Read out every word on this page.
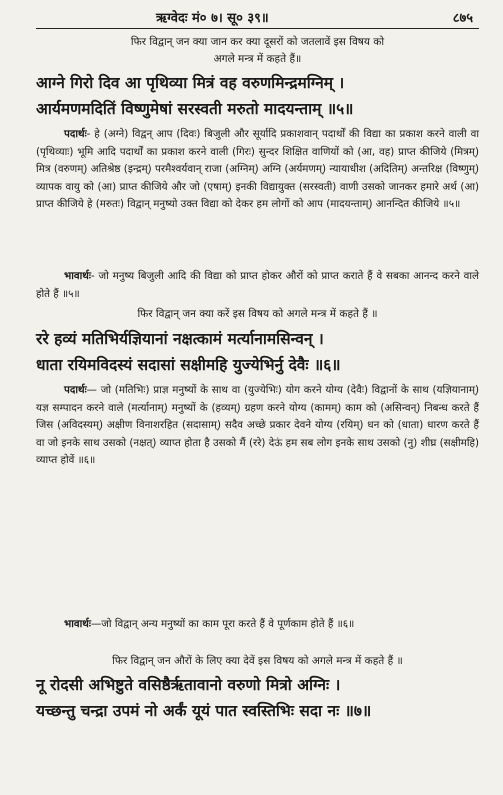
ऋग्वेदः मं० ७। सू० ३९॥	८७५
फिर विद्वान् जन क्या जान कर क्या दूसरों को जतलावें इस विषय को
अगले मन्त्र में कहते हैं॥
आग्ने गिरो दिव आ पृथिव्या मित्रं वह वरुणमिन्द्रमग्निम् ।
आर्यमणमदितिं विष्णुमेषां सरस्वती मरुतो मादयन्ताम् ॥५॥
पदार्थः- हे (अग्ने) विद्वन् आप (दिवः) बिजुली और सूर्यादि प्रकाशवान् पदार्थों की विद्या का प्रकाश करने वाली वा (पृथिव्याः) भूमि आदि पदार्थों का प्रकाश करने वाली (गिरः) सुन्दर शिक्षित वाणियों को (आ, वह) प्राप्त कीजिये (मित्रम्) मित्र (वरुणम्) अतिश्रेष्ठ (इन्द्रम्) परमैश्वर्यवान् राजा (अग्निम्) अग्नि (अर्यमणम्) न्यायाधीश (अदितिम्) अन्तरिक्ष (विष्णुम्) व्यापक वायु को (आ) प्राप्त कीजिये और जो (एषाम्) इनकी विद्यायुक्त (सरस्वती) वाणी उसको जानकर हमारे अर्थ (आ) प्राप्त कीजिये हे (मरुतः) विद्वान् मनुष्यो उक्त विद्या को देकर हम लोगों को आप (मादयन्ताम्) आनन्दित कीजिये ॥५॥
भावार्थः- जो मनुष्य बिजुली आदि की विद्या को प्राप्त होकर औरों को प्राप्त कराते हैं वे सबका आनन्द करने वाले होते हैं ॥५॥
फिर विद्वान् जन क्या करें इस विषय को अगले मन्त्र में कहते हैं ॥
ररे हव्यं मतिभिर्यज्ञियानां नक्षत्कामं मर्त्यानामसिन्वन् ।
धाता रयिमविदस्यं सदासां सक्षीमहि युज्येभिर्नु देवैः ॥६॥
पदार्थः— जो (मतिभिः) प्राज्ञ मनुष्यों के साथ वा (युज्येभिः) योग करने योग्य (देवैः) विद्वानों के साथ (यज्ञियानाम्) यज्ञ सम्पादन करने वाले (मर्त्यानाम्) मनुष्यों के (हव्यम्) ग्रहण करने योग्य (कामम्) काम को (असिन्वन्) निबन्ध करते हैं जिस (अविदस्यम्) अक्षीण विनाशरहित (सदासाम्) सदैव अच्छे प्रकार देवने योग्य (रयिम्) धन को (धाता) धारण करते हैं वा जो इनके साथ उसको (नक्षत्) व्याप्त होता है उसको मैं (ररे) देऊं हम सब लोग इनके साथ उसको (नु) शीघ्र (सक्षीमहि) व्याप्त होवें ॥६॥
भावार्थः—जो विद्वान् अन्य मनुष्यों का काम पूरा करते हैं वे पूर्णकाम होते हैं ॥६॥
फिर विद्वान् जन औरों के लिए क्या देवें इस विषय को अगले मन्त्र में कहते हैं ॥
नू रोदसी अभिष्टुते वसिष्ठैर्ऋतावानो वरुणो मित्रो अग्निः ।
यच्छन्तु चन्द्रा उपमं नो अर्कं यूयं पात स्वस्तिभिः सदा नः ॥७॥
